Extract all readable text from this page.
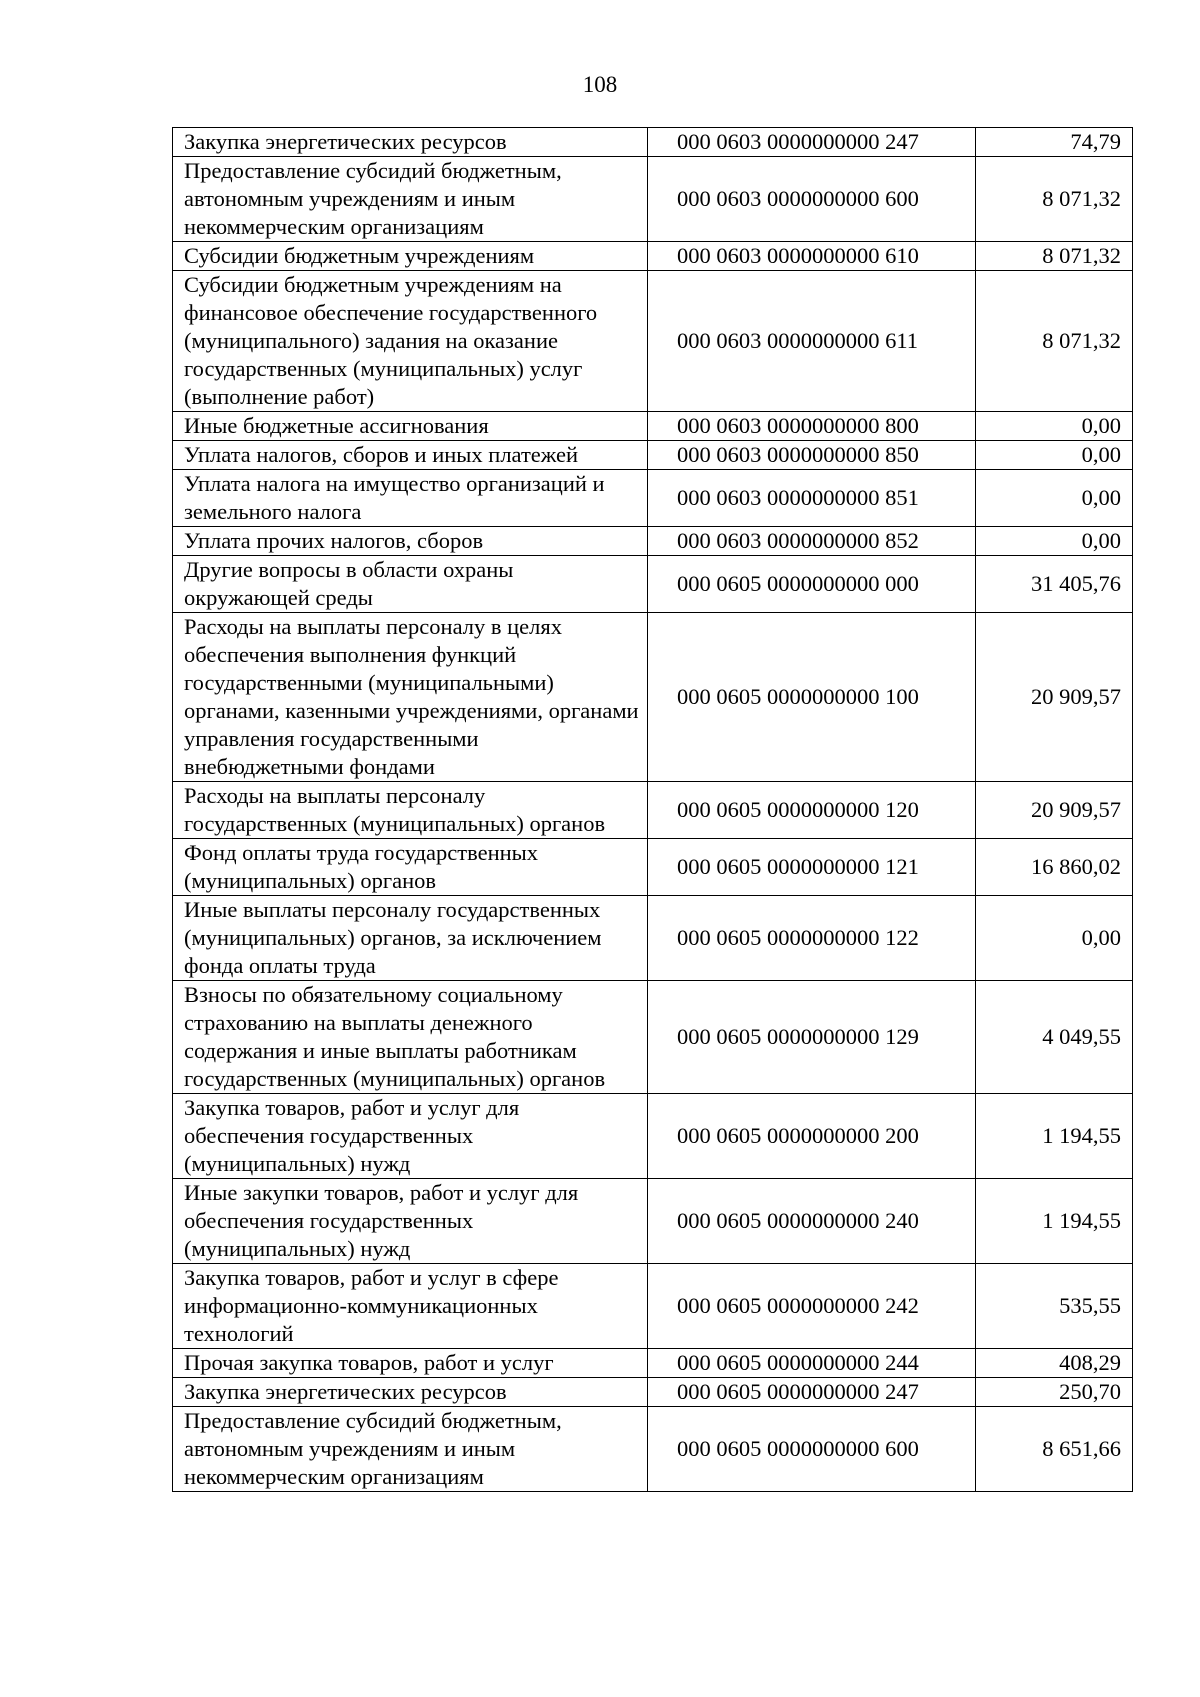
108
Закупка энергетических ресурсов	000 0603 0000000000 247	74,79
Предоставление субсидий бюджетным, автономным учреждениям и иным некоммерческим организациям	000 0603 0000000000 600	8 071,32
Субсидии бюджетным учреждениям	000 0603 0000000000 610	8 071,32
Субсидии бюджетным учреждениям на финансовое обеспечение государственного (муниципального) задания на оказание государственных (муниципальных) услуг (выполнение работ)	000 0603 0000000000 611	8 071,32
Иные бюджетные ассигнования	000 0603 0000000000 800	0,00
Уплата налогов, сборов и иных платежей	000 0603 0000000000 850	0,00
Уплата налога на имущество организаций и земельного налога	000 0603 0000000000 851	0,00
Уплата прочих налогов, сборов	000 0603 0000000000 852	0,00
Другие вопросы в области охраны окружающей среды	000 0605 0000000000 000	31 405,76
Расходы на выплаты персоналу в целях обеспечения выполнения функций государственными (муниципальными) органами, казенными учреждениями, органами управления государственными внебюджетными фондами	000 0605 0000000000 100	20 909,57
Расходы на выплаты персоналу государственных (муниципальных) органов	000 0605 0000000000 120	20 909,57
Фонд оплаты труда государственных (муниципальных) органов	000 0605 0000000000 121	16 860,02
Иные выплаты персоналу государственных (муниципальных) органов, за исключением фонда оплаты труда	000 0605 0000000000 122	0,00
Взносы по обязательному социальному страхованию на выплаты денежного содержания и иные выплаты работникам государственных (муниципальных) органов	000 0605 0000000000 129	4 049,55
Закупка товаров, работ и услуг для обеспечения государственных (муниципальных) нужд	000 0605 0000000000 200	1 194,55
Иные закупки товаров, работ и услуг для обеспечения государственных (муниципальных) нужд	000 0605 0000000000 240	1 194,55
Закупка товаров, работ и услуг в сфере информационно-коммуникационных технологий	000 0605 0000000000 242	535,55
Прочая закупка товаров, работ и услуг	000 0605 0000000000 244	408,29
Закупка энергетических ресурсов	000 0605 0000000000 247	250,70
Предоставление субсидий бюджетным, автономным учреждениям и иным некоммерческим организациям	000 0605 0000000000 600	8 651,66
